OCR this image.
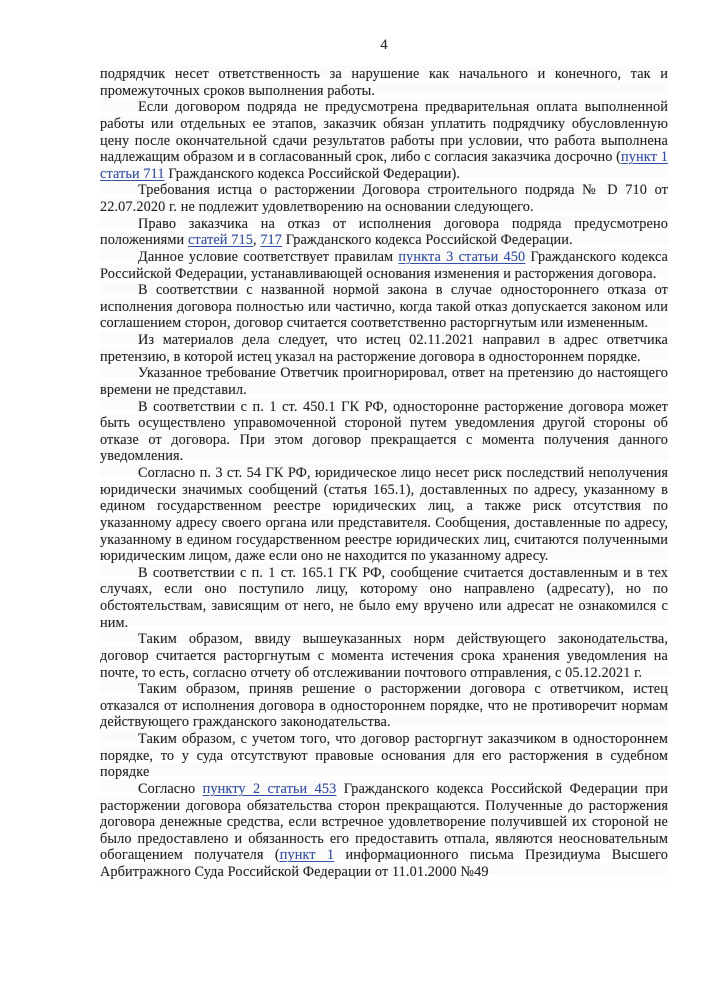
4

подрядчик несет ответственность за нарушение как начального и конечного, так и промежуточных сроков выполнения работы.

Если договором подряда не предусмотрена предварительная оплата выполненной работы или отдельных ее этапов, заказчик обязан уплатить подрядчику обусловленную цену после окончательной сдачи результатов работы при условии, что работа выполнена надлежащим образом и в согласованный срок, либо с согласия заказчика досрочно (пункт 1 статьи 711 Гражданского кодекса Российской Федерации).

Требования истца о расторжении Договора строительного подряда № D 710 от 22.07.2020 г. не подлежит удовлетворению на основании следующего.

Право заказчика на отказ от исполнения договора подряда предусмотрено положениями статей 715, 717 Гражданского кодекса Российской Федерации.

Данное условие соответствует правилам пункта 3 статьи 450 Гражданского кодекса Российской Федерации, устанавливающей основания изменения и расторжения договора.

В соответствии с названной нормой закона в случае одностороннего отказа от исполнения договора полностью или частично, когда такой отказ допускается законом или соглашением сторон, договор считается соответственно расторгнутым или измененным.

Из материалов дела следует, что истец 02.11.2021 направил в адрес ответчика претензию, в которой истец указал на расторжение договора в одностороннем порядке.

Указанное требование Ответчик проигнорировал, ответ на претензию до настоящего времени не представил.

В соответствии с п. 1 ст. 450.1 ГК РФ, односторонне расторжение договора может быть осуществлено управомоченной стороной путем уведомления другой стороны об отказе от договора. При этом договор прекращается с момента получения данного уведомления.

Согласно п. 3 ст. 54 ГК РФ, юридическое лицо несет риск последствий неполучения юридически значимых сообщений (статья 165.1), доставленных по адресу, указанному в едином государственном реестре юридических лиц, а также риск отсутствия по указанному адресу своего органа или представителя. Сообщения, доставленные по адресу, указанному в едином государственном реестре юридических лиц, считаются полученными юридическим лицом, даже если оно не находится по указанному адресу.

В соответствии с п. 1 ст. 165.1 ГК РФ, сообщение считается доставленным и в тех случаях, если оно поступило лицу, которому оно направлено (адресату), но по обстоятельствам, зависящим от него, не было ему вручено или адресат не ознакомился с ним.

Таким образом, ввиду вышеуказанных норм действующего законодательства, договор считается расторгнутым с момента истечения срока хранения уведомления на почте, то есть, согласно отчету об отслеживании почтового отправления, с 05.12.2021 г.

Таким образом, приняв решение о расторжении договора с ответчиком, истец отказался от исполнения договора в одностороннем порядке, что не противоречит нормам действующего гражданского законодательства.

Таким образом, с учетом того, что договор расторгнут заказчиком в одностороннем порядке, то у суда отсутствуют правовые основания для его расторжения в судебном порядке

Согласно пункту 2 статьи 453 Гражданского кодекса Российской Федерации при расторжении договора обязательства сторон прекращаются. Полученные до расторжения договора денежные средства, если встречное удовлетворение получившей их стороной не было предоставлено и обязанность его предоставить отпала, являются неосновательным обогащением получателя (пункт 1 информационного письма Президиума Высшего Арбитражного Суда Российской Федерации от 11.01.2000 №49
